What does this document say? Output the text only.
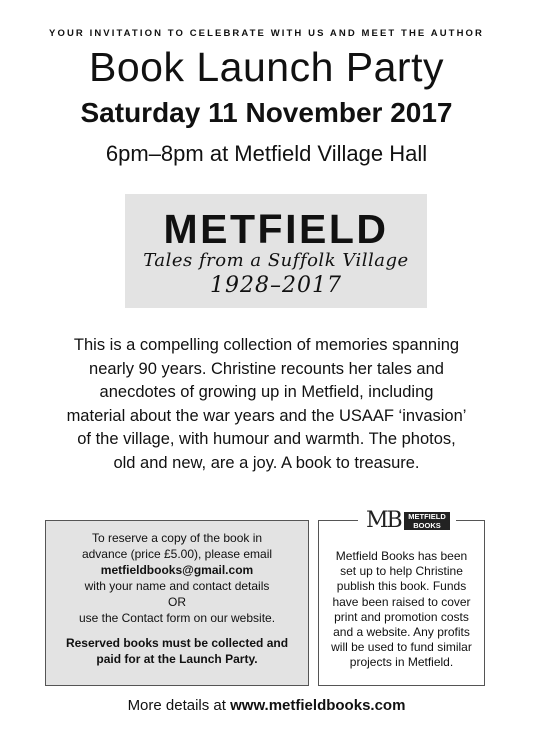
YOUR INVITATION TO CELEBRATE WITH US AND MEET THE AUTHOR
Book Launch Party
Saturday 11 November 2017
6pm–8pm at Metfield Village Hall
METFIELD
Tales from a Suffolk Village
1928–2017

This is a compelling collection of memories spanning

nearly 90 years. Christine recounts her tales and

anecdotes of growing up in Metfield, including

material about the war years and the USAAF ‘invasion’

of the village, with humour and warmth. The photos,

old and new, are a joy. A book to treasure.

To reserve a copy of the book in
advance (price £5.00), please email
metfieldbooks@gmail.com
with your name and contact details
OR
use the Contact form on our website.
Reserved books must be collected and
paid for at the Launch Party.
Metfield Books has been
set up to help Christine
publish this book. Funds
have been raised to cover
print and promotion costs
and a website. Any profits
will be used to fund similar
projects in Metfield.
MB	METFIELD
BOOKS
More details at www.metfieldbooks.com
